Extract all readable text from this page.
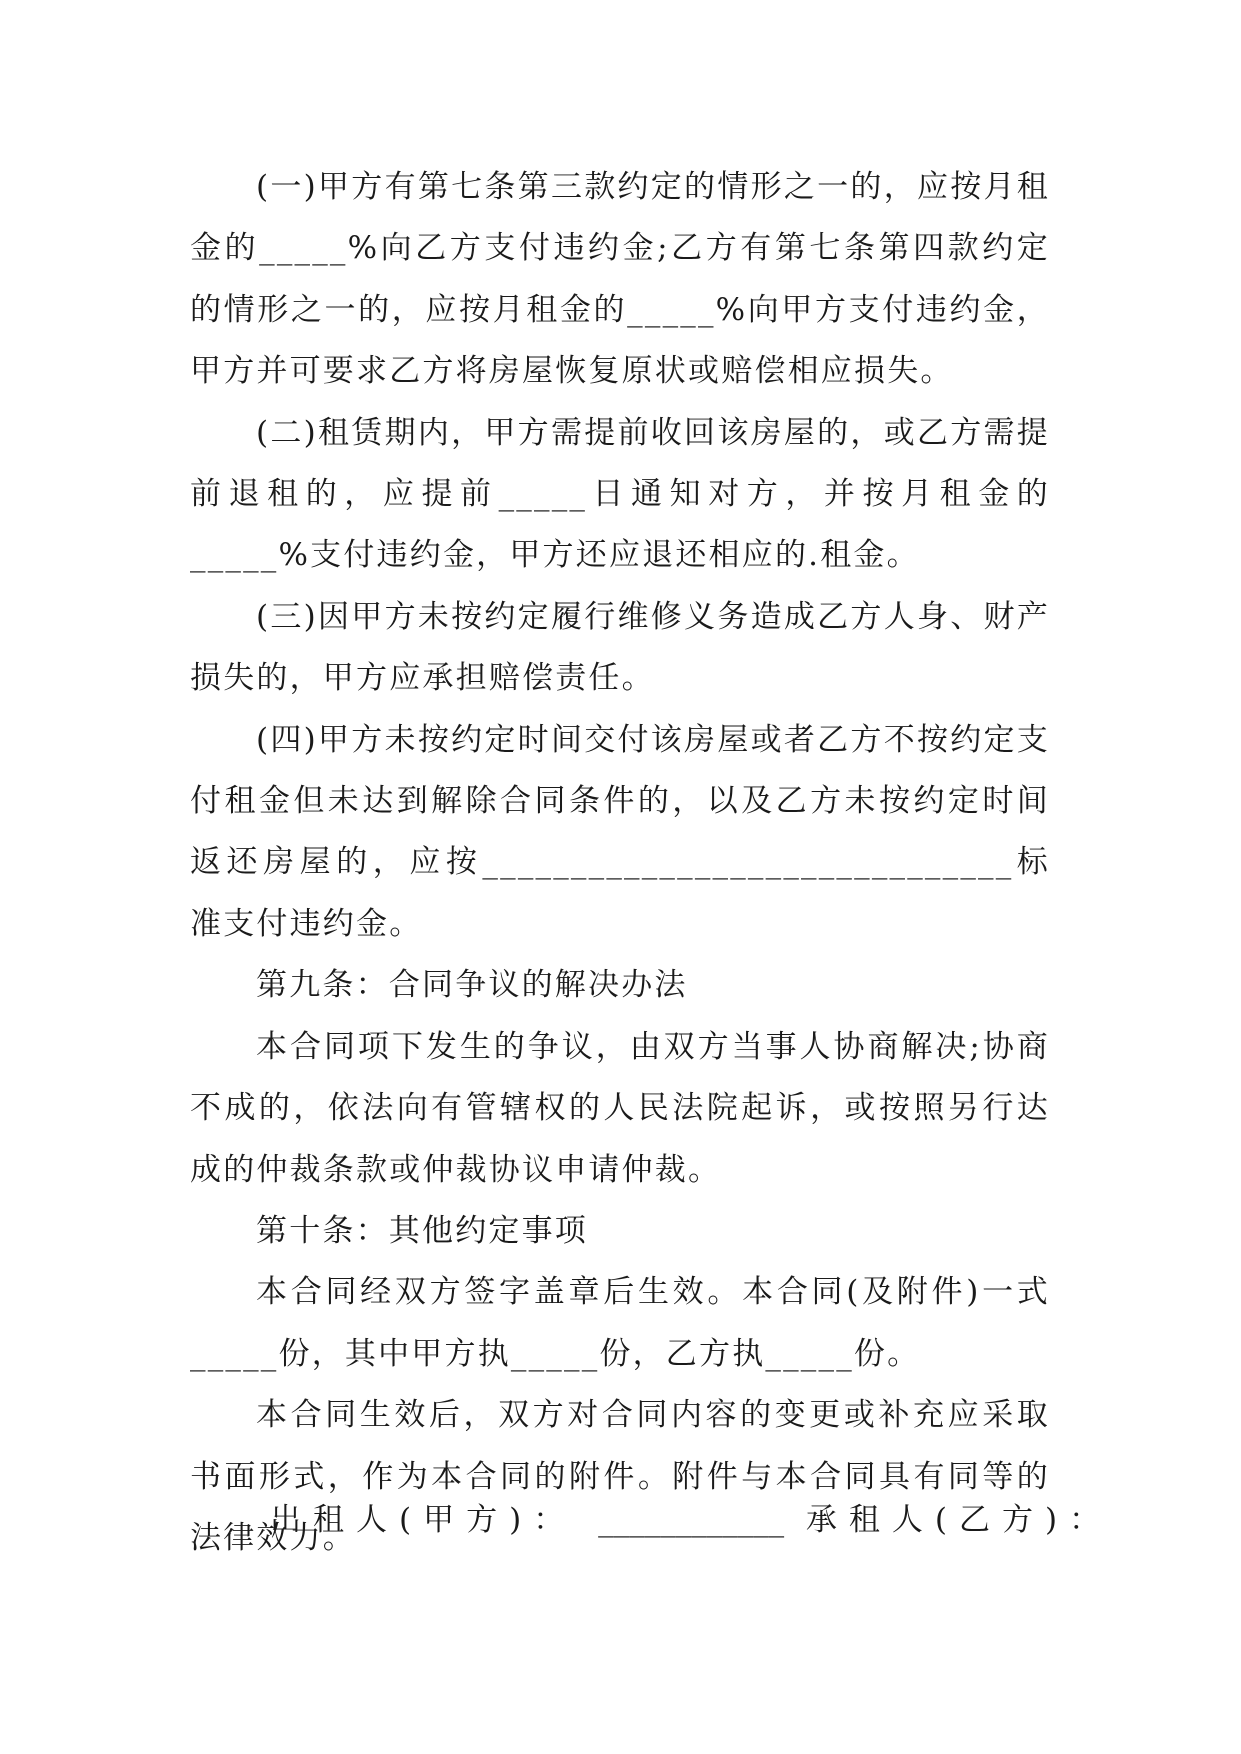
(一)甲方有第七条第三款约定的情形之一的，应按月租金的_____%向乙方支付违约金;乙方有第七条第四款约定的情形之一的，应按月租金的_____%向甲方支付违约金，甲方并可要求乙方将房屋恢复原状或赔偿相应损失。

(二)租赁期内，甲方需提前收回该房屋的，或乙方需提前退租的，应提前_____日通知对方，并按月租金的_____%支付违约金，甲方还应退还相应的.租金。

(三)因甲方未按约定履行维修义务造成乙方人身、财产损失的，甲方应承担赔偿责任。

(四)甲方未按约定时间交付该房屋或者乙方不按约定支付租金但未达到解除合同条件的，以及乙方未按约定时间返还房屋的，应按______________________________标准支付违约金。

第九条：合同争议的解决办法

本合同项下发生的争议，由双方当事人协商解决;协商不成的，依法向有管辖权的人民法院起诉，或按照另行达成的仲裁条款或仲裁协议申请仲裁。

第十条：其他约定事项

本合同经双方签字盖章后生效。本合同(及附件)一式_____份，其中甲方执_____份，乙方执_____份。

本合同生效后，双方对合同内容的变更或补充应采取书面形式，作为本合同的附件。附件与本合同具有同等的法律效力。

出租人(甲方)： ____________ 承租人(乙方)：
